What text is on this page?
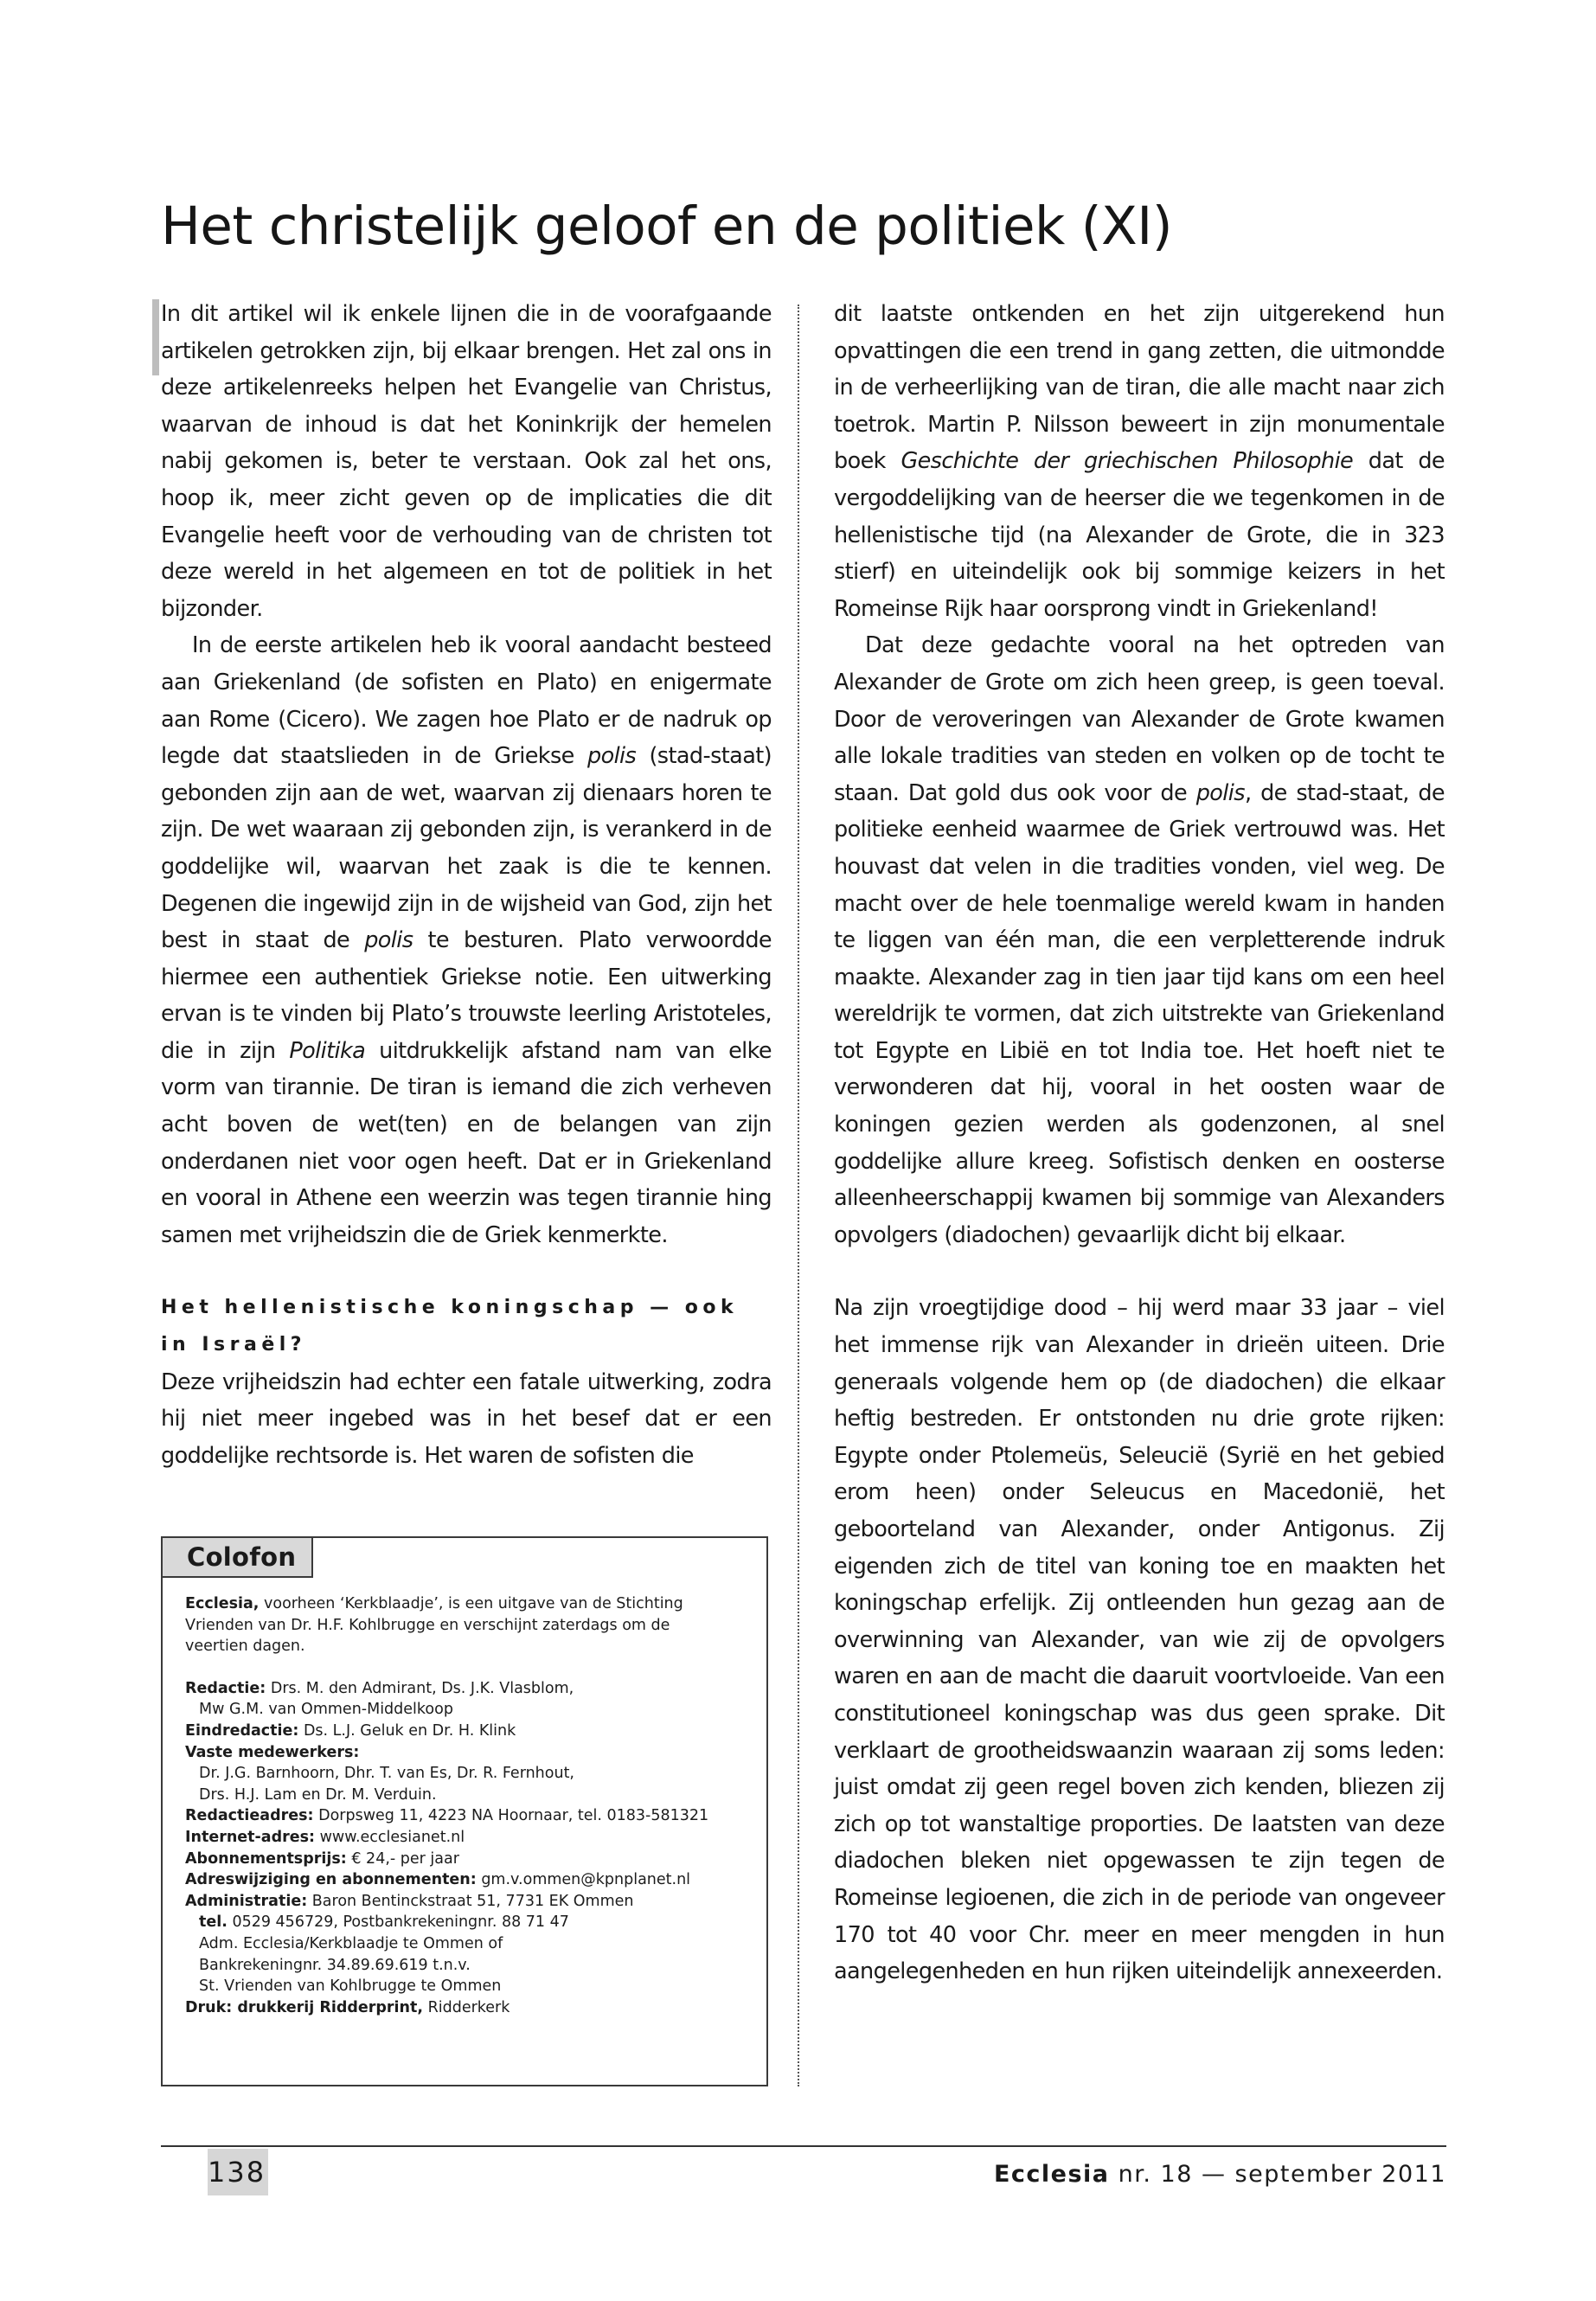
Het christelijk geloof en de politiek (XI)

In dit artikel wil ik enkele lijnen die in de voorafgaande artikelen getrokken zijn, bij elkaar brengen. Het zal ons in deze artikelenreeks helpen het Evangelie van Christus, waarvan de inhoud is dat het Koninkrijk der hemelen nabij gekomen is, beter te verstaan. Ook zal het ons, hoop ik, meer zicht geven op de implicaties die dit Evangelie heeft voor de verhouding van de christen tot deze wereld in het algemeen en tot de politiek in het bijzonder.

In de eerste artikelen heb ik vooral aandacht besteed aan Griekenland (de sofisten en Plato) en enigermate aan Rome (Cicero). We zagen hoe Plato er de nadruk op legde dat staatslieden in de Griekse polis (stad-staat) gebonden zijn aan de wet, waarvan zij dienaars horen te zijn. De wet waaraan zij gebonden zijn, is verankerd in de goddelijke wil, waarvan het zaak is die te kennen. Degenen die ingewijd zijn in de wijsheid van God, zijn het best in staat de polis te besturen. Plato verwoordde hiermee een authentiek Griekse notie. Een uitwerking ervan is te vinden bij Plato’s trouwste leerling Aristoteles, die in zijn Politika uitdrukkelijk afstand nam van elke vorm van tirannie. De tiran is iemand die zich verheven acht boven de wet(ten) en de belangen van zijn onderdanen niet voor ogen heeft. Dat er in Griekenland en vooral in Athene een weerzin was tegen tirannie hing samen met vrijheidszin die de Griek kenmerkte.

Het hellenistische koningschap — ook in Israël?

Deze vrijheidszin had echter een fatale uitwerking, zodra hij niet meer ingebed was in het besef dat er een goddelijke rechtsorde is. Het waren de sofisten die

dit laatste ontkenden en het zijn uitgerekend hun opvattingen die een trend in gang zetten, die uitmondde in de verheerlijking van de tiran, die alle macht naar zich toetrok. Martin P. Nilsson beweert in zijn monumentale boek Geschichte der griechischen Philosophie dat de vergoddelijking van de heerser die we tegenkomen in de hellenistische tijd (na Alexander de Grote, die in 323 stierf) en uiteindelijk ook bij sommige keizers in het Romeinse Rijk haar oorsprong vindt in Griekenland!

Dat deze gedachte vooral na het optreden van Alexander de Grote om zich heen greep, is geen toeval. Door de veroveringen van Alexander de Grote kwamen alle lokale tradities van steden en volken op de tocht te staan. Dat gold dus ook voor de polis, de stad-staat, de politieke eenheid waarmee de Griek vertrouwd was. Het houvast dat velen in die tradities vonden, viel weg. De macht over de hele toenmalige wereld kwam in handen te liggen van één man, die een verpletterende indruk maakte. Alexander zag in tien jaar tijd kans om een heel wereldrijk te vormen, dat zich uitstrekte van Griekenland tot Egypte en Libië en tot India toe. Het hoeft niet te verwonderen dat hij, vooral in het oosten waar de koningen gezien werden als godenzonen, al snel goddelijke allure kreeg. Sofistisch denken en oosterse alleenheerschappij kwamen bij sommige van Alexanders opvolgers (diadochen) gevaarlijk dicht bij elkaar.

Na zijn vroegtijdige dood – hij werd maar 33 jaar – viel het immense rijk van Alexander in drieën uiteen. Drie generaals volgende hem op (de diadochen) die elkaar heftig bestreden. Er ontstonden nu drie grote rijken: Egypte onder Ptolemeüs, Seleucië (Syrië en het gebied erom heen) onder Seleucus en Macedonië, het geboorteland van Alexander, onder Antigonus. Zij eigenden zich de titel van koning toe en maakten het koningschap erfelijk. Zij ontleenden hun gezag aan de overwinning van Alexander, van wie zij de opvolgers waren en aan de macht die daaruit voortvloeide. Van een constitutioneel koningschap was dus geen sprake. Dit verklaart de grootheidswaanzin waaraan zij soms leden: juist omdat zij geen regel boven zich kenden, bliezen zij zich op tot wanstaltige proporties. De laatsten van deze diadochen bleken niet opgewassen te zijn tegen de Romeinse legioenen, die zich in de periode van ongeveer 170 tot 40 voor Chr. meer en meer mengden in hun aangelegenheden en hun rijken uiteindelijk annexeerden.

Colofon
Ecclesia, voorheen ‘Kerkblaadje’, is een uitgave van de Stichting
Vrienden van Dr. H.F. Kohlbrugge en verschijnt zaterdags om de
veertien dagen.
Redactie: Drs. M. den Admirant, Ds. J.K. Vlasblom,
Mw G.M. van Ommen-Middelkoop
Eindredactie: Ds. L.J. Geluk en Dr. H. Klink
Vaste medewerkers:
Dr. J.G. Barnhoorn, Dhr. T. van Es, Dr. R. Fernhout,
Drs. H.J. Lam en Dr. M. Verduin.
Redactieadres: Dorpsweg 11, 4223 NA Hoornaar, tel. 0183-581321
Internet-adres: www.ecclesianet.nl
Abonnementsprijs: € 24,- per jaar
Adreswijziging en abonnementen: gm.v.ommen@kpnplanet.nl
Administratie: Baron Bentinckstraat 51, 7731 EK Ommen
tel. 0529 456729, Postbankrekeningnr. 88 71 47
Adm. Ecclesia/Kerkblaadje te Ommen of
Bankrekeningnr. 34.89.69.619 t.n.v.
St. Vrienden van Kohlbrugge te Ommen
Druk: drukkerij Ridderprint, Ridderkerk
138	Ecclesia nr. 18 — september 2011
